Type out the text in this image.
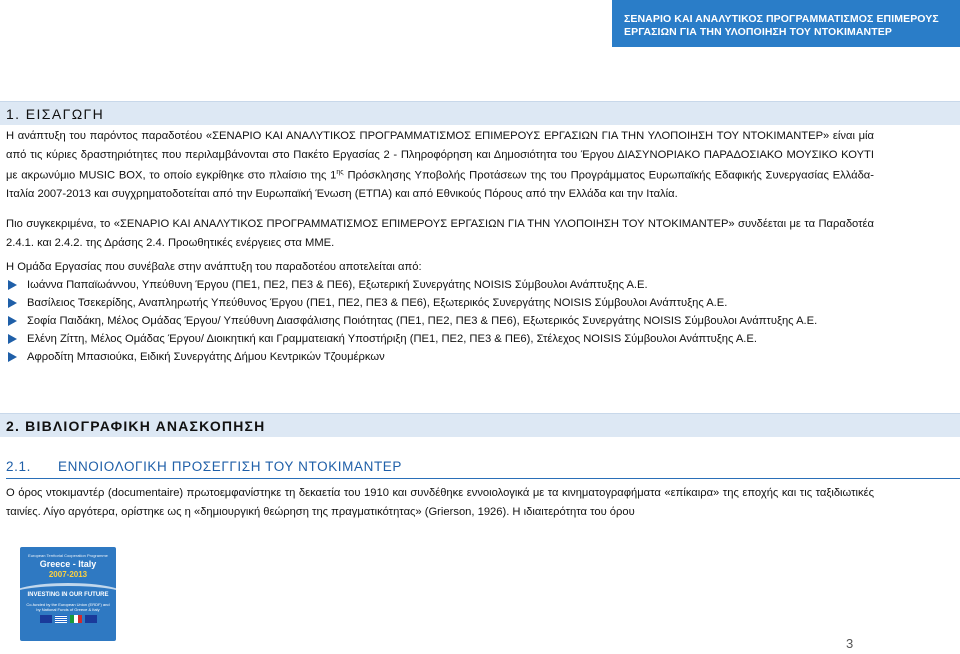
ΣΕΝΑΡΙΟ ΚΑΙ ΑΝΑΛΥΤΙΚΟΣ ΠΡΟΓΡΑΜΜΑΤΙΣΜΟΣ ΕΠΙΜΕΡΟΥΣ
ΕΡΓΑΣΙΩΝ ΓΙΑ ΤΗΝ ΥΛΟΠΟΙΗΣΗ ΤΟΥ ΝΤΟΚΙΜΑΝΤΕΡ
1. ΕΙΣΑΓΩΓΗ

Η ανάπτυξη του παρόντος παραδοτέου «ΣΕΝΑΡΙΟ ΚΑΙ ΑΝΑΛΥΤΙΚΟΣ ΠΡΟΓΡΑΜΜΑΤΙΣΜΟΣ ΕΠΙΜΕΡΟΥΣ ΕΡΓΑΣΙΩΝ ΓΙΑ ΤΗΝ ΥΛΟΠΟΙΗΣΗ ΤΟΥ ΝΤΟΚΙΜΑΝΤΕΡ» είναι μία από τις κύριες δραστηριότητες που περιλαμβάνονται στο Πακέτο Εργασίας 2 - Πληροφόρηση και Δημοσιότητα του Έργου ΔΙΑΣΥΝΟΡΙΑΚΟ ΠΑΡΑΔΟΣΙΑΚΟ ΜΟΥΣΙΚΟ ΚΟΥΤΙ με ακρωνύμιο MUSIC BOX, το οποίο εγκρίθηκε στο πλαίσιο της $1^{\eta\varsigma}$ Πρόσκλησης Υποβολής Προτάσεων της του Προγράμματος Ευρωπαϊκής Εδαφικής Συνεργασίας Ελλάδα-Ιταλία 2007-2013 και συγχρηματοδοτείται από την Ευρωπαϊκή Ένωση (ΕΤΠΑ) και από Εθνικούς Πόρους από την Ελλάδα και την Ιταλία.

Πιο συγκεκριμένα, το «ΣΕΝΑΡΙΟ ΚΑΙ ΑΝΑΛΥΤΙΚΟΣ ΠΡΟΓΡΑΜΜΑΤΙΣΜΟΣ ΕΠΙΜΕΡΟΥΣ ΕΡΓΑΣΙΩΝ ΓΙΑ ΤΗΝ ΥΛΟΠΟΙΗΣΗ ΤΟΥ ΝΤΟΚΙΜΑΝΤΕΡ» συνδέεται με τα Παραδοτέα 2.4.1. και 2.4.2. της Δράσης 2.4. Προωθητικές ενέργειες στα ΜΜΕ.

Η Ομάδα Εργασίας που συνέβαλε στην ανάπτυξη του παραδοτέου αποτελείται από:

Ιωάννα Παπαϊωάννου, Υπεύθυνη Έργου (ΠΕ1, ΠΕ2, ΠΕ3 & ΠΕ6), Εξωτερική Συνεργάτης NOISIS Σύμβουλοι Ανάπτυξης Α.Ε.
Βασίλειος Τσεκερίδης, Αναπληρωτής Υπεύθυνος Έργου (ΠΕ1, ΠΕ2, ΠΕ3 & ΠΕ6), Εξωτερικός Συνεργάτης NOISIS Σύμβουλοι Ανάπτυξης Α.Ε.
Σοφία Παιδάκη, Μέλος Ομάδας Έργου/ Υπεύθυνη Διασφάλισης Ποιότητας (ΠΕ1, ΠΕ2, ΠΕ3 & ΠΕ6), Εξωτερικός Συνεργάτης NOISIS Σύμβουλοι Ανάπτυξης Α.Ε.
Ελένη Ζίττη, Μέλος Ομάδας Έργου/ Διοικητική και Γραμματειακή Υποστήριξη (ΠΕ1, ΠΕ2, ΠΕ3 & ΠΕ6), Στέλεχος NOISIS Σύμβουλοι Ανάπτυξης Α.Ε.
Αφροδίτη Μπασιούκα, Ειδική Συνεργάτης Δήμου Κεντρικών Τζουμέρκων
2. ΒΙΒΛΙΟΓΡΑΦΙΚΗ ΑΝΑΣΚΟΠΗΣΗ
2.1. ΕΝΝΟΙΟΛΟΓΙΚΗ ΠΡΟΣΕΓΓΙΣΗ ΤΟΥ ΝΤΟΚΙΜΑΝΤΕΡ

Ο όρος ντοκιμαντέρ (documentaire) πρωτοεμφανίστηκε τη δεκαετία του 1910 και συνδέθηκε εννοιολογικά με τα κινηματογραφήματα «επίκαιρα» της εποχής και τις ταξιδιωτικές ταινίες. Λίγο αργότερα, ορίστηκε ως η «δημιουργική θεώρηση της πραγματικότητας» (Grierson, 1926). Η ιδιαιτερότητα του όρου

European Territorial Cooperation Programme
Greece - Italy
2007-2013
INVESTING IN OUR FUTURE
Co-funded by the European Union (ERDF) and by National Funds of Greece & Italy
3
